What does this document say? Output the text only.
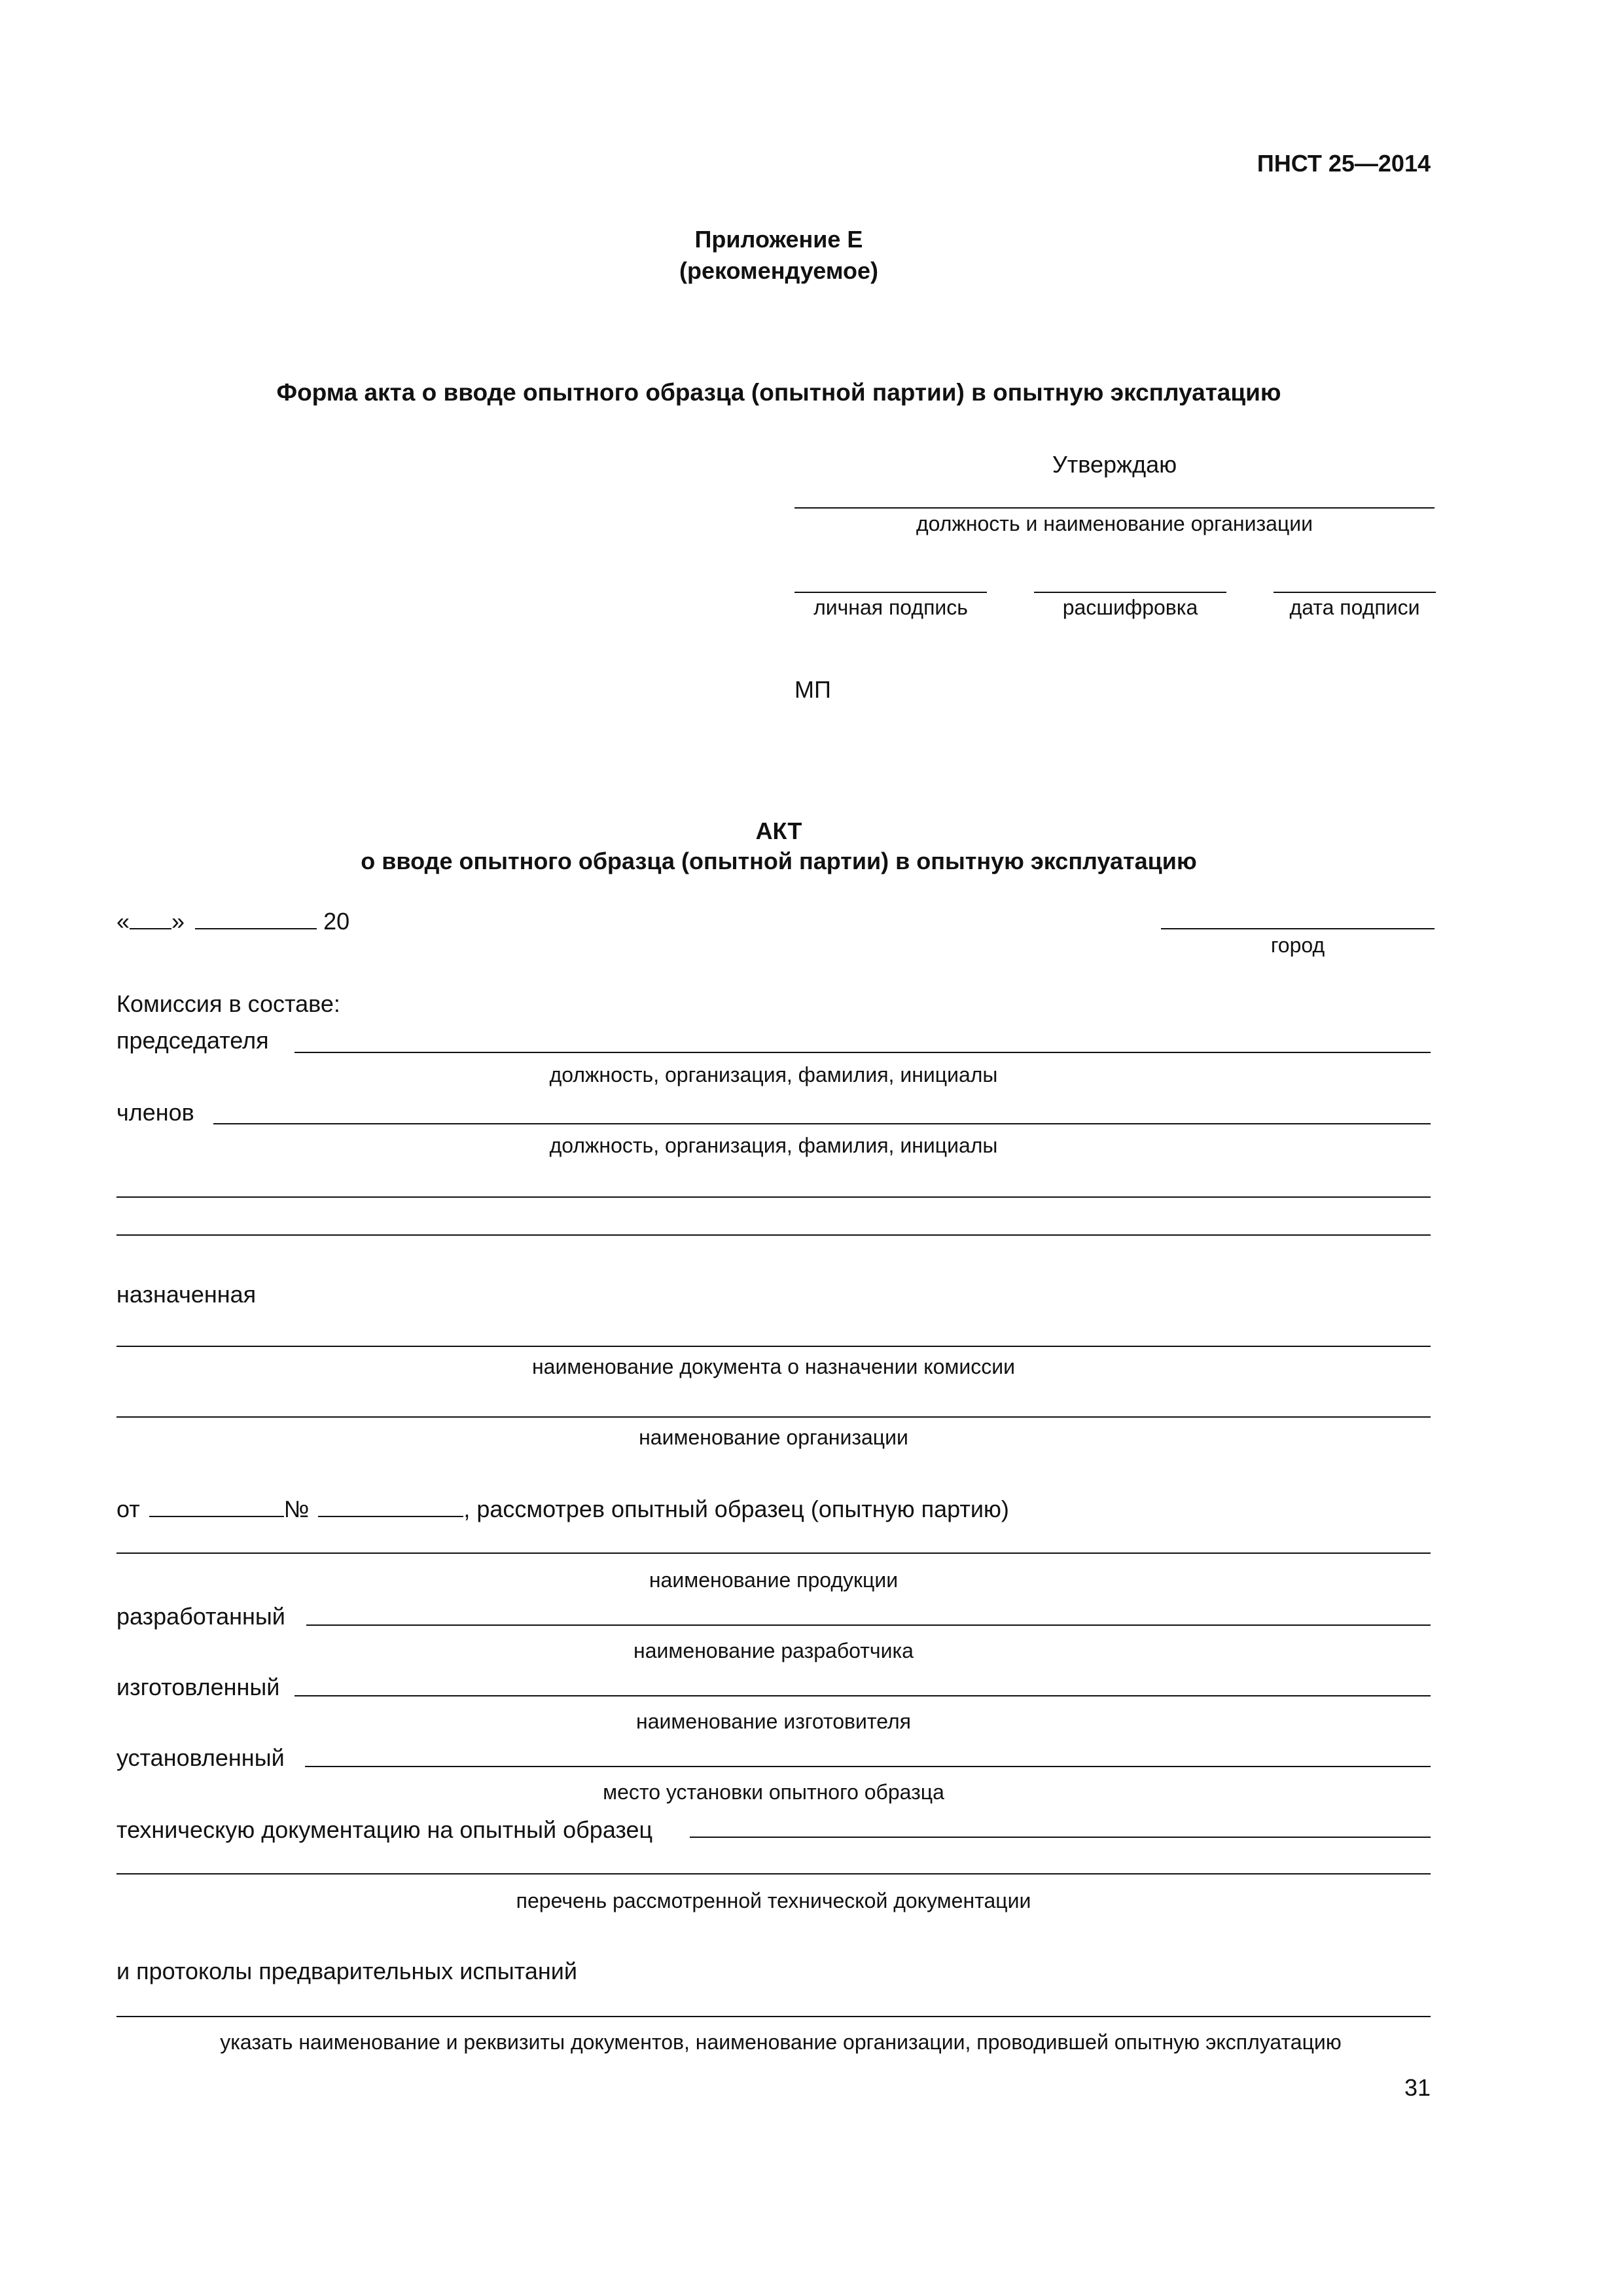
ПНСТ 25—2014
Приложение Е
(рекомендуемое)
Форма акта о вводе опытного образца (опытной партии) в опытную эксплуатацию
Утверждаю
должность и наименование организации
личная подпись	расшифровка	дата подписи
МП
АКТ
о вводе опытного образца (опытной партии) в опытную эксплуатацию
« »	20
город
Комиссия в составе:
председателя
должность, организация, фамилия, инициалы
членов
должность, организация, фамилия, инициалы
назначенная
наименование документа о назначении комиссии
наименование организации
от	№	, рассмотрев опытный образец (опытную партию)
наименование продукции
разработанный
наименование разработчика
изготовленный
наименование изготовителя
установленный
место установки опытного образца
техническую документацию на опытный образец
перечень рассмотренной технической документации
и протоколы предварительных испытаний
указать наименование и реквизиты документов, наименование организации, проводившей опытную эксплуатацию
31
